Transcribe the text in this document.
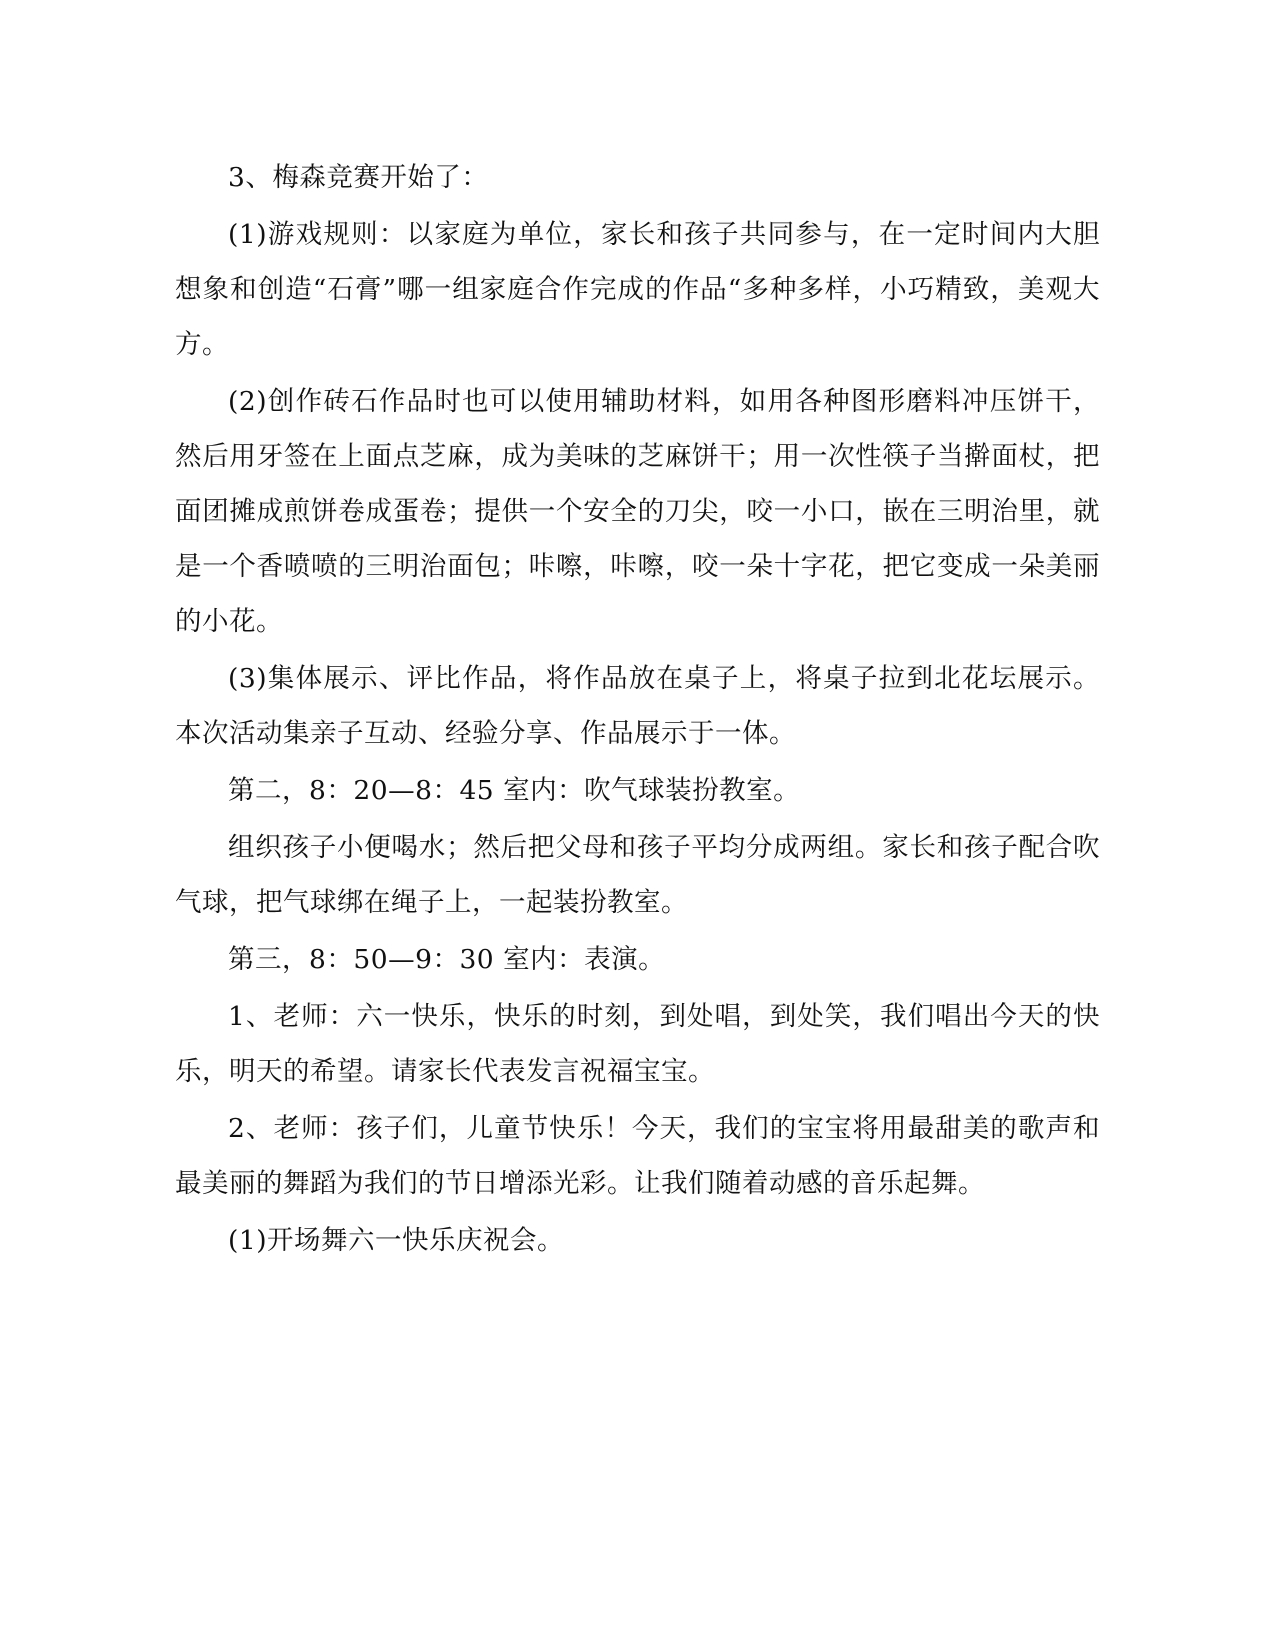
3、梅森竞赛开始了：

(1)游戏规则：以家庭为单位，家长和孩子共同参与，在一定时间内大胆想象和创造“石膏”哪一组家庭合作完成的作品“多种多样，小巧精致，美观大方。

(2)创作砖石作品时也可以使用辅助材料，如用各种图形磨料冲压饼干，然后用牙签在上面点芝麻，成为美味的芝麻饼干；用一次性筷子当擀面杖，把面团摊成煎饼卷成蛋卷；提供一个安全的刀尖，咬一小口，嵌在三明治里，就是一个香喷喷的三明治面包；咔嚓，咔嚓，咬一朵十字花，把它变成一朵美丽的小花。

(3)集体展示、评比作品，将作品放在桌子上，将桌子拉到北花坛展示。本次活动集亲子互动、经验分享、作品展示于一体。

第二，8：20—8：45 室内：吹气球装扮教室。

组织孩子小便喝水；然后把父母和孩子平均分成两组。家长和孩子配合吹气球，把气球绑在绳子上，一起装扮教室。

第三，8：50—9：30 室内：表演。

1、老师：六一快乐，快乐的时刻，到处唱，到处笑，我们唱出今天的快乐，明天的希望。请家长代表发言祝福宝宝。

2、老师：孩子们，儿童节快乐！今天，我们的宝宝将用最甜美的歌声和最美丽的舞蹈为我们的节日增添光彩。让我们随着动感的音乐起舞。

(1)开场舞六一快乐庆祝会。
